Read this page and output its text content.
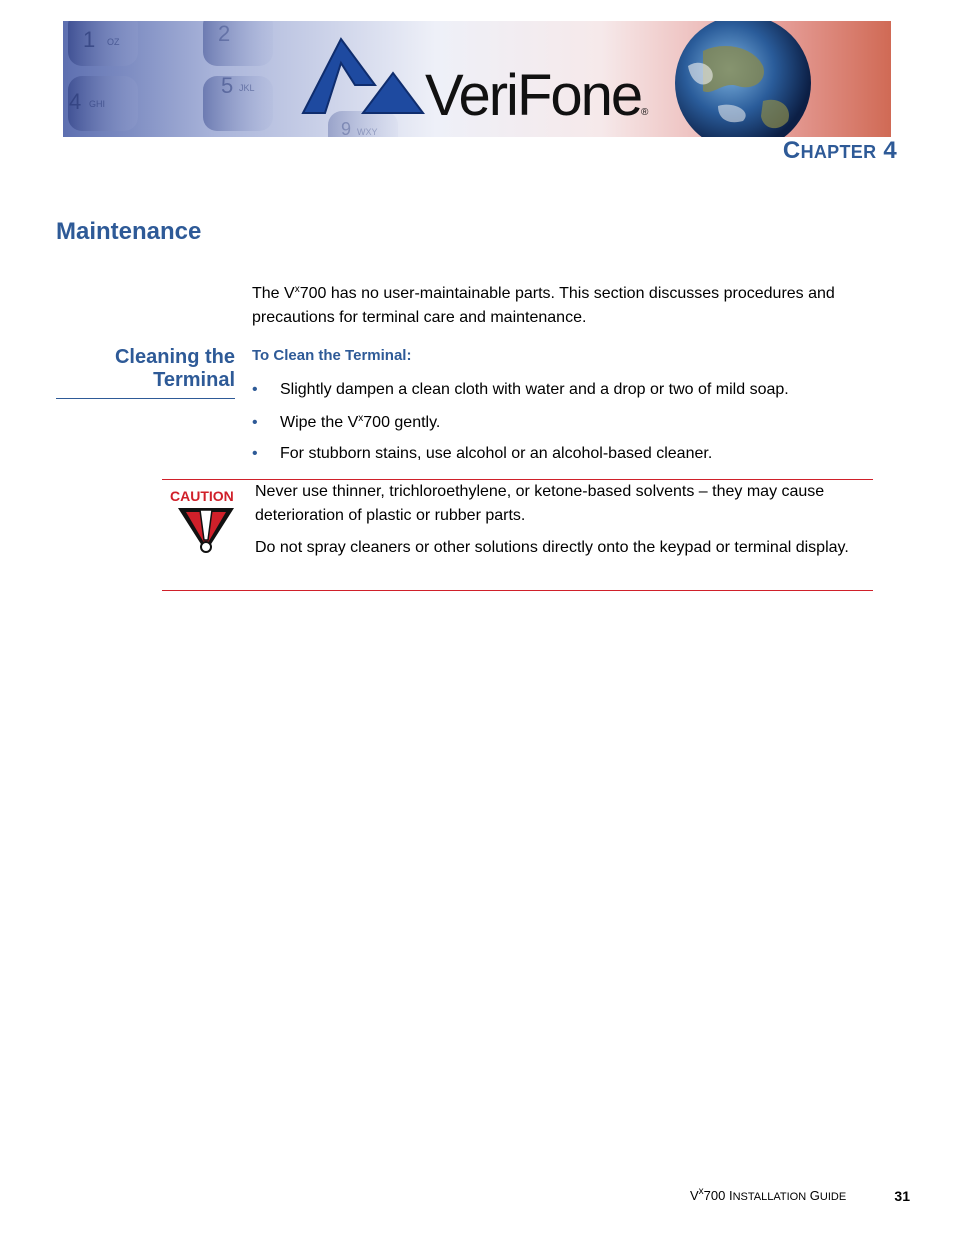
1 OZ	2
4 GHI
5 JKL
9 WXY
VeriFone ®
CHAPTER 4
Maintenance
The $V^x700$ has no user-maintainable parts. This section discusses procedures and precautions for terminal care and maintenance.
Cleaning the
Terminal
To Clean the Terminal:
• Slightly dampen a clean cloth with water and a drop or two of mild soap.
• Wipe the $V^x700$ gently.
• For stubborn stains, use alcohol or an alcohol-based cleaner.
CAUTION Never use thinner, trichloroethylene, or ketone-based solvents – they may cause deterioration of plastic or rubber parts.

Do not spray cleaners or other solutions directly onto the keypad or terminal display.

$V^x700$ INSTALLATION GUIDE	31
